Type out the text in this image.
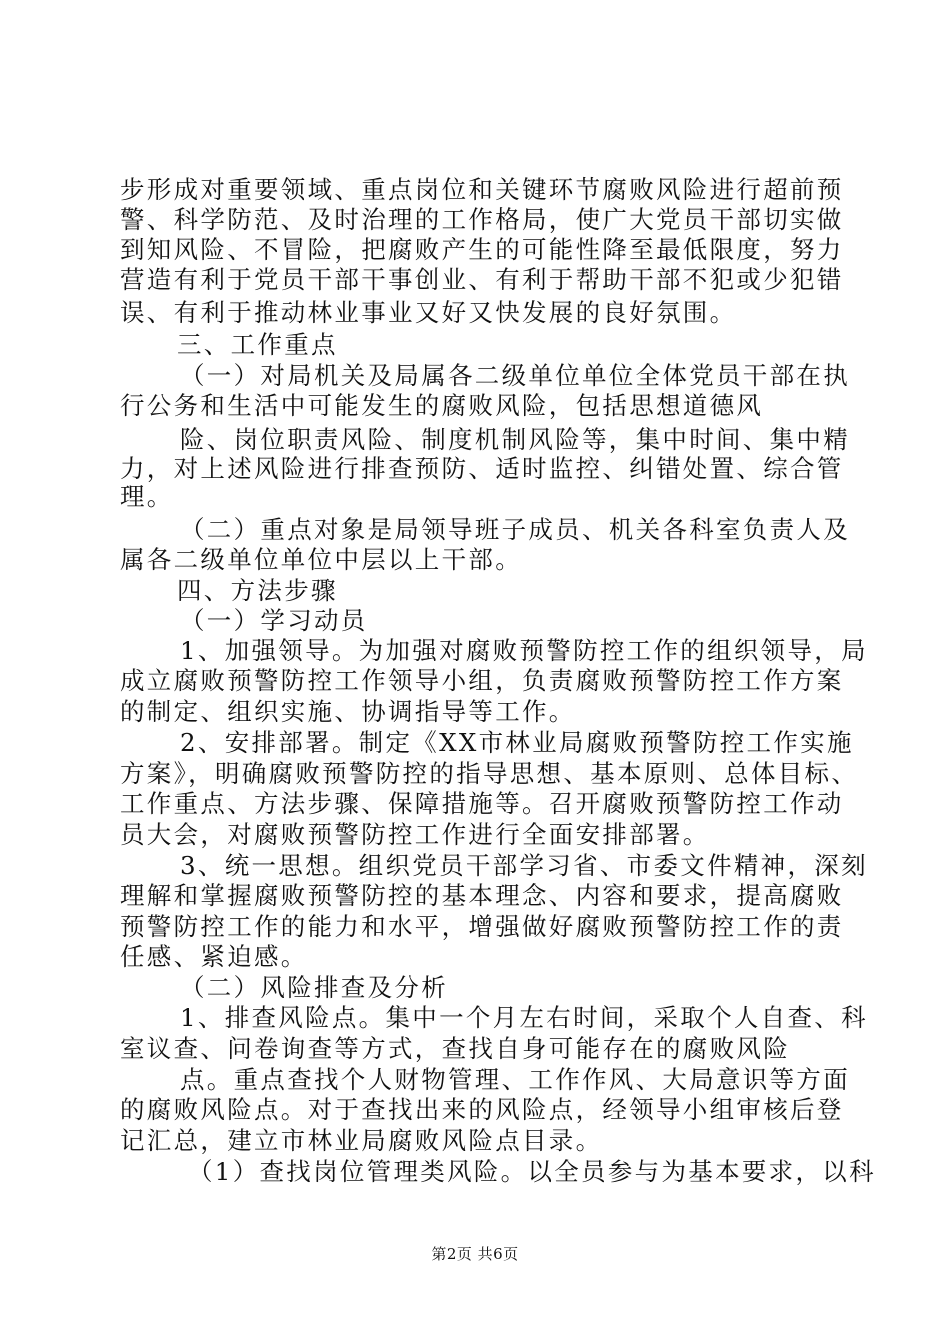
步形成对重要领域、重点岗位和关键环节腐败风险进行超前预
警、科学防范、及时治理的工作格局，使广大党员干部切实做
到知风险、不冒险，把腐败产生的可能性降至最低限度，努力
营造有利于党员干部干事创业、有利于帮助干部不犯或少犯错
误、有利于推动林业事业又好又快发展的良好氛围。
三、工作重点
（一）对局机关及局属各二级单位单位全体党员干部在执
行公务和生活中可能发生的腐败风险，包括思想道德风
险、岗位职责风险、制度机制风险等，集中时间、集中精
力，对上述风险进行排查预防、适时监控、纠错处置、综合管
理。
（二）重点对象是局领导班子成员、机关各科室负责人及
属各二级单位单位中层以上干部。
四、方法步骤
（一）学习动员
1、加强领导。为加强对腐败预警防控工作的组织领导，局
成立腐败预警防控工作领导小组，负责腐败预警防控工作方案
的制定、组织实施、协调指导等工作。
2、安排部署。制定《XX市林业局腐败预警防控工作实施
方案》，明确腐败预警防控的指导思想、基本原则、总体目标、
工作重点、方法步骤、保障措施等。召开腐败预警防控工作动
员大会，对腐败预警防控工作进行全面安排部署。
3、统一思想。组织党员干部学习省、市委文件精神，深刻
理解和掌握腐败预警防控的基本理念、内容和要求，提高腐败
预警防控工作的能力和水平，增强做好腐败预警防控工作的责
任感、紧迫感。
（二）风险排查及分析
1、排查风险点。集中一个月左右时间，采取个人自查、科
室议查、问卷询查等方式，查找自身可能存在的腐败风险
点。重点查找个人财物管理、工作作风、大局意识等方面
的腐败风险点。对于查找出来的风险点，经领导小组审核后登
记汇总，建立市林业局腐败风险点目录。
（1）查找岗位管理类风险。以全员参与为基本要求，以科
第2页 共6页
